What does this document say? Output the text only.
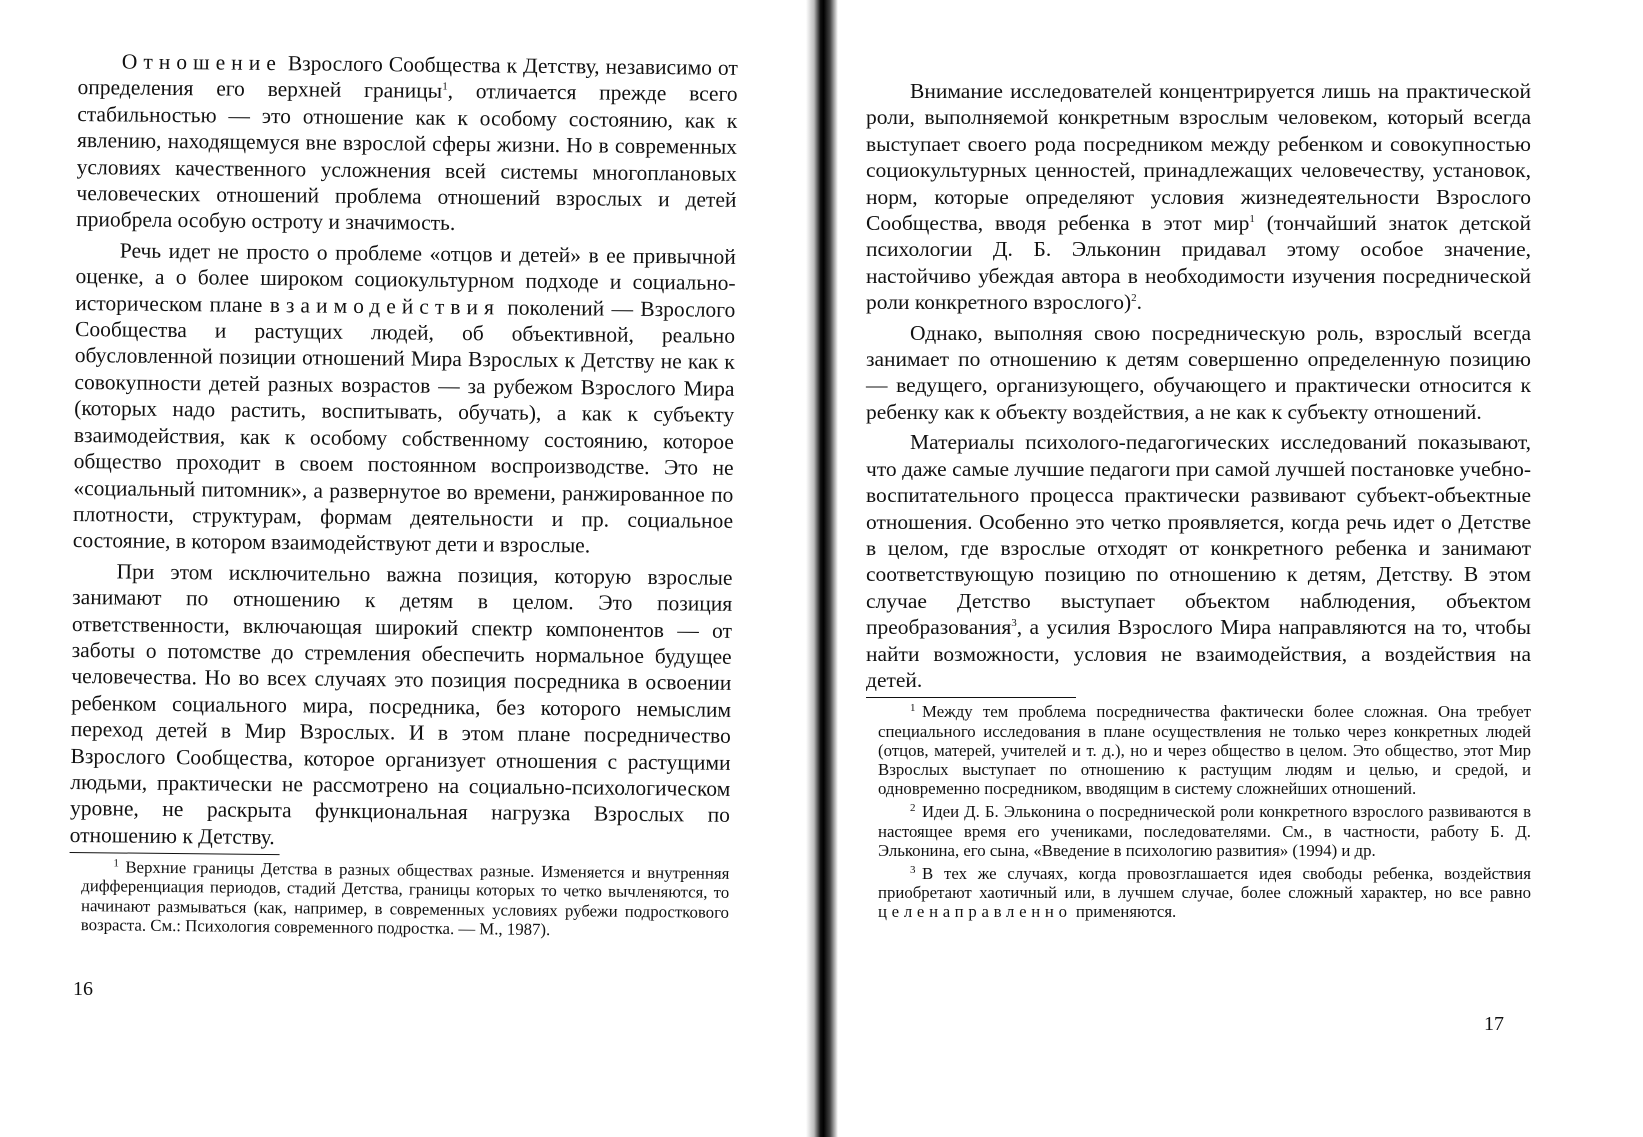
Отношение Взрослого Сообщества к Детству, независимо от определения его верхней границы$^1$, отличается прежде всего стабильностью — это отношение как к особому состоянию, как к явлению, находящемуся вне взрослой сферы жизни. Но в современных условиях качественного усложнения всей системы многоплановых человеческих отношений проблема отношений взрослых и детей приобрела особую остроту и значимость.

Речь идет не просто о проблеме «отцов и детей» в ее привычной оценке, а о более широком социокультурном подходе и социально-историческом плане взаимодействия поколений — Взрослого Сообщества и растущих людей, об объективной, реально обусловленной позиции отношений Мира Взрослых к Детству не как к совокупности детей разных возрастов — за рубежом Взрослого Мира (которых надо растить, воспитывать, обучать), а как к субъекту взаимодействия, как к особому собственному состоянию, которое общество проходит в своем постоянном воспроизводстве. Это не «социальный питомник», а развернутое во времени, ранжированное по плотности, структурам, формам деятельности и пр. социальное состояние, в котором взаимодействуют дети и взрослые.

При этом исключительно важна позиция, которую взрослые занимают по отношению к детям в целом. Это позиция ответственности, включающая широкий спектр компонентов — от заботы о потомстве до стремления обеспечить нормальное будущее человечества. Но во всех случаях это позиция посредника в освоении ребенком социального мира, посредника, без которого немыслим переход детей в Мир Взрослых. И в этом плане посредничество Взрослого Сообщества, которое организует отношения с растущими людьми, практически не рассмотрено на социально-психологическом уровне, не раскрыта функциональная нагрузка Взрослых по отношению к Детству.

1 Верхние границы Детства в разных обществах разные. Изменяется и внутренняя дифференциация периодов, стадий Детства, границы которых то четко вычленяются, то начинают размываться (как, например, в современных условиях рубежи подросткового возраста. См.: Психология современного подростка. — М., 1987).

16

Внимание исследователей концентрируется лишь на практической роли, выполняемой конкретным взрослым человеком, который всегда выступает своего рода посредником между ребенком и совокупностью социокультурных ценностей, принадлежащих человечеству, установок, норм, которые определяют условия жизнедеятельности Взрослого Сообщества, вводя ребенка в этот мир$^1$ (тончайший знаток детской психологии Д. Б. Эльконин придавал этому особое значение, настойчиво убеждая автора в необходимости изучения посреднической роли конкретного взрослого)$^2$.

Однако, выполняя свою посредническую роль, взрослый всегда занимает по отношению к детям совершенно определенную позицию — ведущего, организующего, обучающего и практически относится к ребенку как к объекту воздействия, а не как к субъекту отношений.

Материалы психолого-педагогических исследований показывают, что даже самые лучшие педагоги при самой лучшей постановке учебно-воспитательного процесса практически развивают субъект-объектные отношения. Особенно это четко проявляется, когда речь идет о Детстве в целом, где взрослые отходят от конкретного ребенка и занимают соответствующую позицию по отношению к детям, Детству. В этом случае Детство выступает объектом наблюдения, объектом преобразования$^3$, а усилия Взрослого Мира направляются на то, чтобы найти возможности, условия не взаимодействия, а воздействия на детей.

1 Между тем проблема посредничества фактически более сложная. Она требует специального исследования в плане осуществления не только через конкретных людей (отцов, матерей, учителей и т. д.), но и через общество в целом. Это общество, этот Мир Взрослых выступает по отношению к растущим людям и целью, и средой, и одновременно посредником, вводящим в систему сложнейших отношений.

2 Идеи Д. Б. Эльконина о посреднической роли конкретного взрослого развиваются в настоящее время его учениками, последователями. См., в частности, работу Б. Д. Эльконина, его сына, «Введение в психологию развития» (1994) и др.

3 В тех же случаях, когда провозглашается идея свободы ребенка, воздействия приобретают хаотичный или, в лучшем случае, более сложный характер, но все равно целенаправленно применяются.

17
